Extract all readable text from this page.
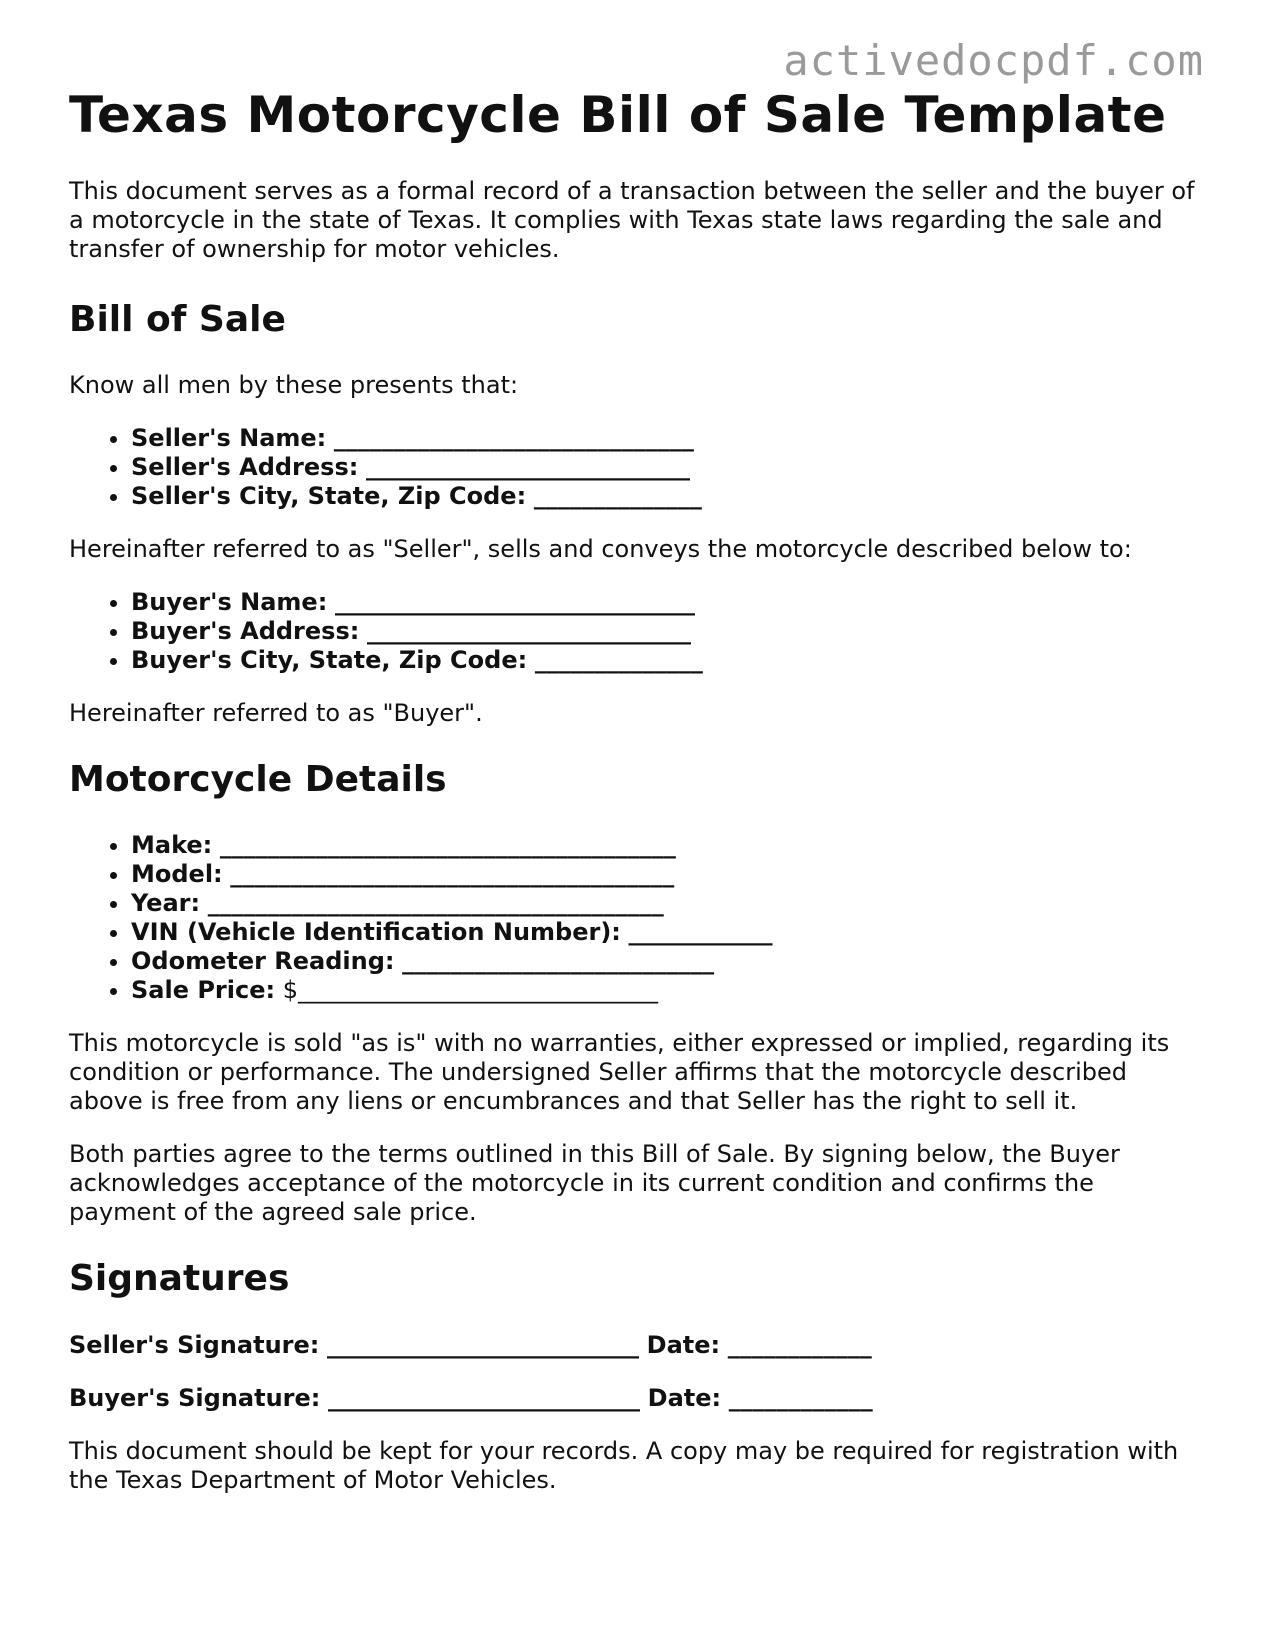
activedocpdf.com
Texas Motorcycle Bill of Sale Template

This document serves as a formal record of a transaction between the seller and the buyer of a motorcycle in the state of Texas. It complies with Texas state laws regarding the sale and transfer of ownership for motor vehicles.

Bill of Sale

Know all men by these presents that:

• Seller's Name: ______________________________
• Seller's Address: ___________________________
• Seller's City, State, Zip Code: ______________

Hereinafter referred to as "Seller", sells and conveys the motorcycle described below to:

• Buyer's Name: ______________________________
• Buyer's Address: ___________________________
• Buyer's City, State, Zip Code: ______________

Hereinafter referred to as "Buyer".

Motorcycle Details
• Make: ______________________________________
• Model: _____________________________________
• Year: ______________________________________
• VIN (Vehicle Identification Number): ____________
• Odometer Reading: __________________________
• Sale Price: $______________________________

This motorcycle is sold "as is" with no warranties, either expressed or implied, regarding its condition or performance. The undersigned Seller affirms that the motorcycle described above is free from any liens or encumbrances and that Seller has the right to sell it.

Both parties agree to the terms outlined in this Bill of Sale. By signing below, the Buyer acknowledges acceptance of the motorcycle in its current condition and confirms the payment of the agreed sale price.

Signatures
Seller's Signature: __________________________ Date: ____________
Buyer's Signature: __________________________ Date: ____________

This document should be kept for your records. A copy may be required for registration with the Texas Department of Motor Vehicles.
